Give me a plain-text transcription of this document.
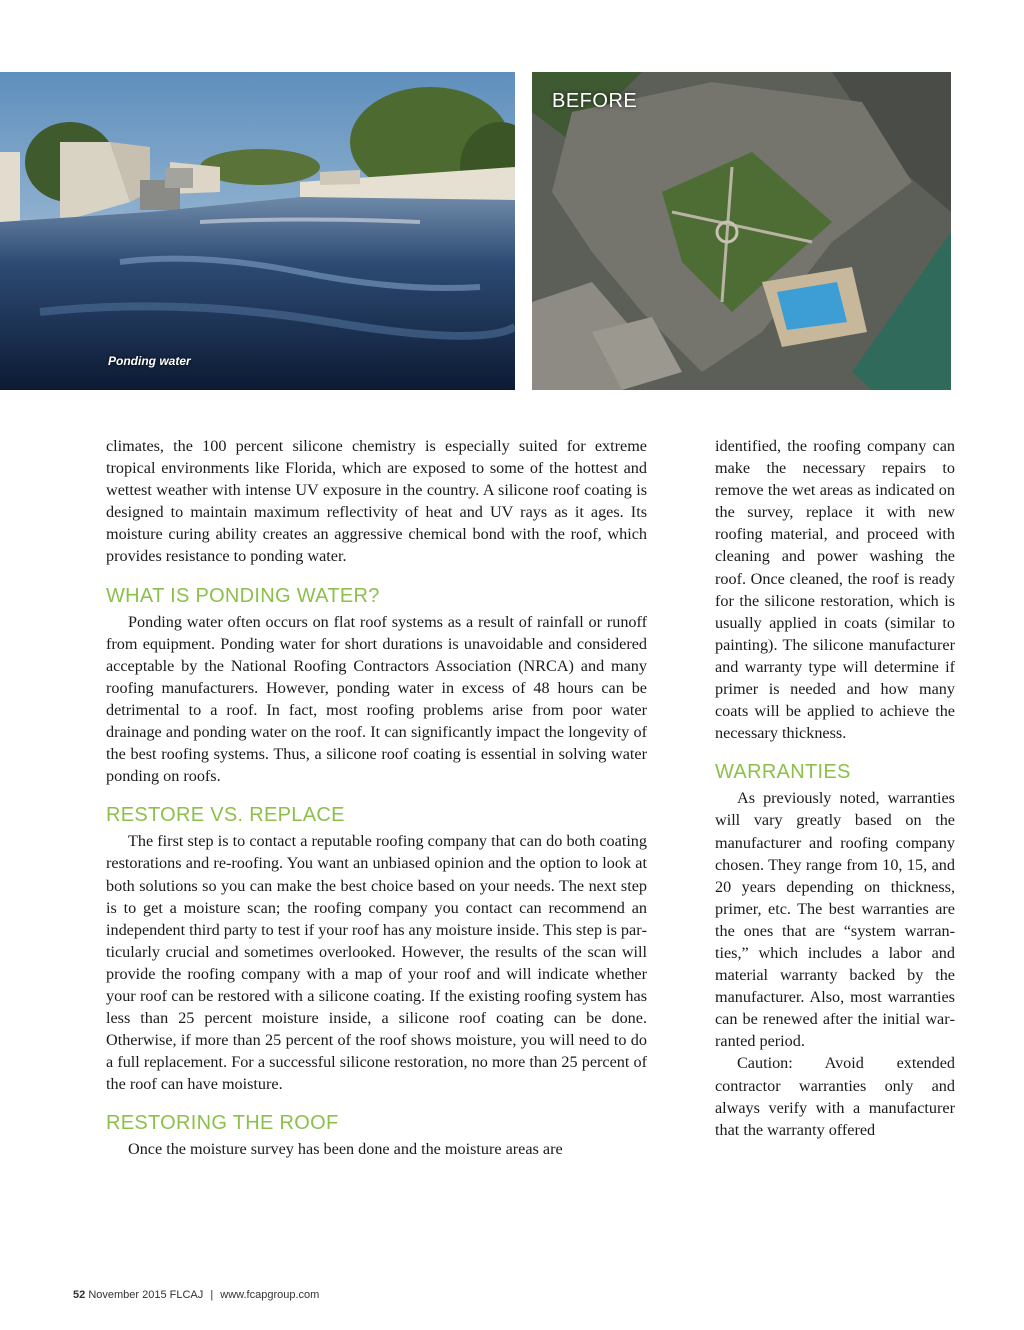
Ponding water
BEFORE

climates, the 100 percent silicone chemistry is especially suited for extreme tropical environments like Florida, which are exposed to some of the hottest and wettest weather with intense UV exposure in the country. A silicone roof coating is designed to maintain maximum reflectivity of heat and UV rays as it ages. Its moisture curing ability creates an aggressive chemical bond with the roof, which provides resistance to ponding water.

WHAT IS PONDING WATER?

Ponding water often occurs on flat roof systems as a result of rainfall or runoff from equipment. Ponding water for short durations is unavoidable and considered acceptable by the National Roofing Contractors Association (NRCA) and many roofing manufacturers. However, ponding water in excess of 48 hours can be detrimental to a roof. In fact, most roofing problems arise from poor water drainage and ponding water on the roof. It can significantly impact the longevity of the best roofing systems. Thus, a silicone roof coating is essential in solving water ponding on roofs.

RESTORE VS. REPLACE

The first step is to contact a reputable roofing company that can do both coating restorations and re-roofing. You want an unbiased opinion and the option to look at both solutions so you can make the best choice based on your needs. The next step is to get a moisture scan; the roofing company you contact can recommend an independent third party to test if your roof has any moisture inside. This step is particularly crucial and sometimes overlooked. However, the results of the scan will provide the roofing company with a map of your roof and will indicate whether your roof can be restored with a silicone coating. If the existing roofing system has less than 25 percent moisture inside, a silicone roof coating can be done. Otherwise, if more than 25 percent of the roof shows moisture, you will need to do a full replacement. For a successful silicone restoration, no more than 25 percent of the roof can have moisture.

RESTORING THE ROOF

Once the moisture survey has been done and the moisture areas are

identified, the roofing company can make the necessary repairs to remove the wet areas as indicated on the survey, replace it with new roofing material, and proceed with cleaning and power washing the roof. Once cleaned, the roof is ready for the silicone restoration, which is usually applied in coats (similar to painting). The silicone manufacturer and warranty type will determine if primer is needed and how many coats will be applied to achieve the necessary thickness.

WARRANTIES

As previously noted, warranties will vary greatly based on the manufacturer and roofing company chosen. They range from 10, 15, and 20 years depending on thickness, primer, etc. The best warranties are the ones that are “system warranties,” which includes a labor and material warranty backed by the manufacturer. Also, most warranties can be renewed after the initial warranted period.

Caution: Avoid extended contractor warranties only and always verify with a manufacturer that the warranty offered

52 November 2015 FLCAJ | www.fcapgroup.com
